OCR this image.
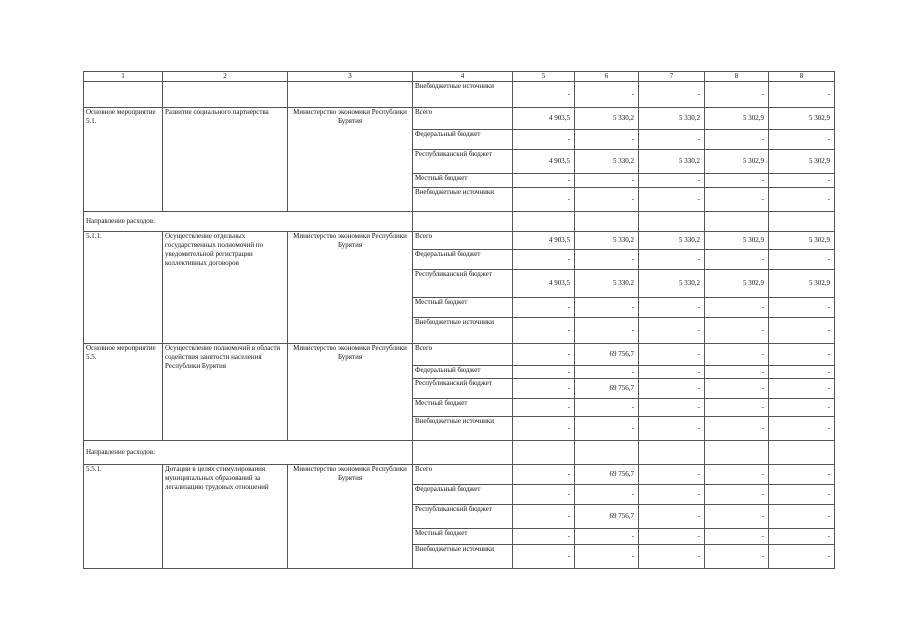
1	2	3	4	5	6	7	8	8
			Внебюджетные источники	-	-	-	-	-
Основное мероприятие 5.1.	Развитие социального партнерства	Министерство экономики Республики Бурятия	Всего	4 903,5	5 330,2	5 330,2	5 302,9	5 302,9
			Федеральный бюджет	-	-	-	-	-
			Республиканский бюджет	4 903,5	5 330,2	5 330,2	5 302,9	5 302,9
			Местный бюджет	-	-	-	-	-
			Внебюджетные источники	-	-	-	-	-
Направление расходов:								
5.1.1.	Осуществление отдельных государственных полномочий по уведомительной регистрации коллективных договоров	Министерство экономики Республики Бурятия	Всего	4 903,5	5 330,2	5 330,2	5 302,9	5 302,9
			Федеральный бюджет	-	-	-	-	-
			Республиканский бюджет	4 903,5	5 330,2	5 330,2	5 302,9	5 302,9
			Местный бюджет	-	-	-	-	-
			Внебюджетные источники	-	-	-	-	-
Основное мероприятие 5.5.	Осуществление полномочий в области содействия занятости населения Республики Бурятия	Министерство экономики Республики Бурятия	Всего	-	69 756,7	-	-	-
			Федеральный бюджет	-	-	-	-	-
			Республиканский бюджет	-	69 756,7	-	-	-
			Местный бюджет	-	-	-	-	-
			Внебюджетные источники	-	-	-	-	-
Направление расходов:								
5.5.1.	Дотации в целях стимулирования муниципальных образований за легализацию трудовых отношений	Министерство экономики Республики Бурятия	Всего	-	69 756,7	-	-	-
			Федеральный бюджет	-	-	-	-	-
			Республиканский бюджет	-	69 756,7	-	-	-
			Местный бюджет	-	-	-	-	-
			Внебюджетные источники	-	-	-	-	-
